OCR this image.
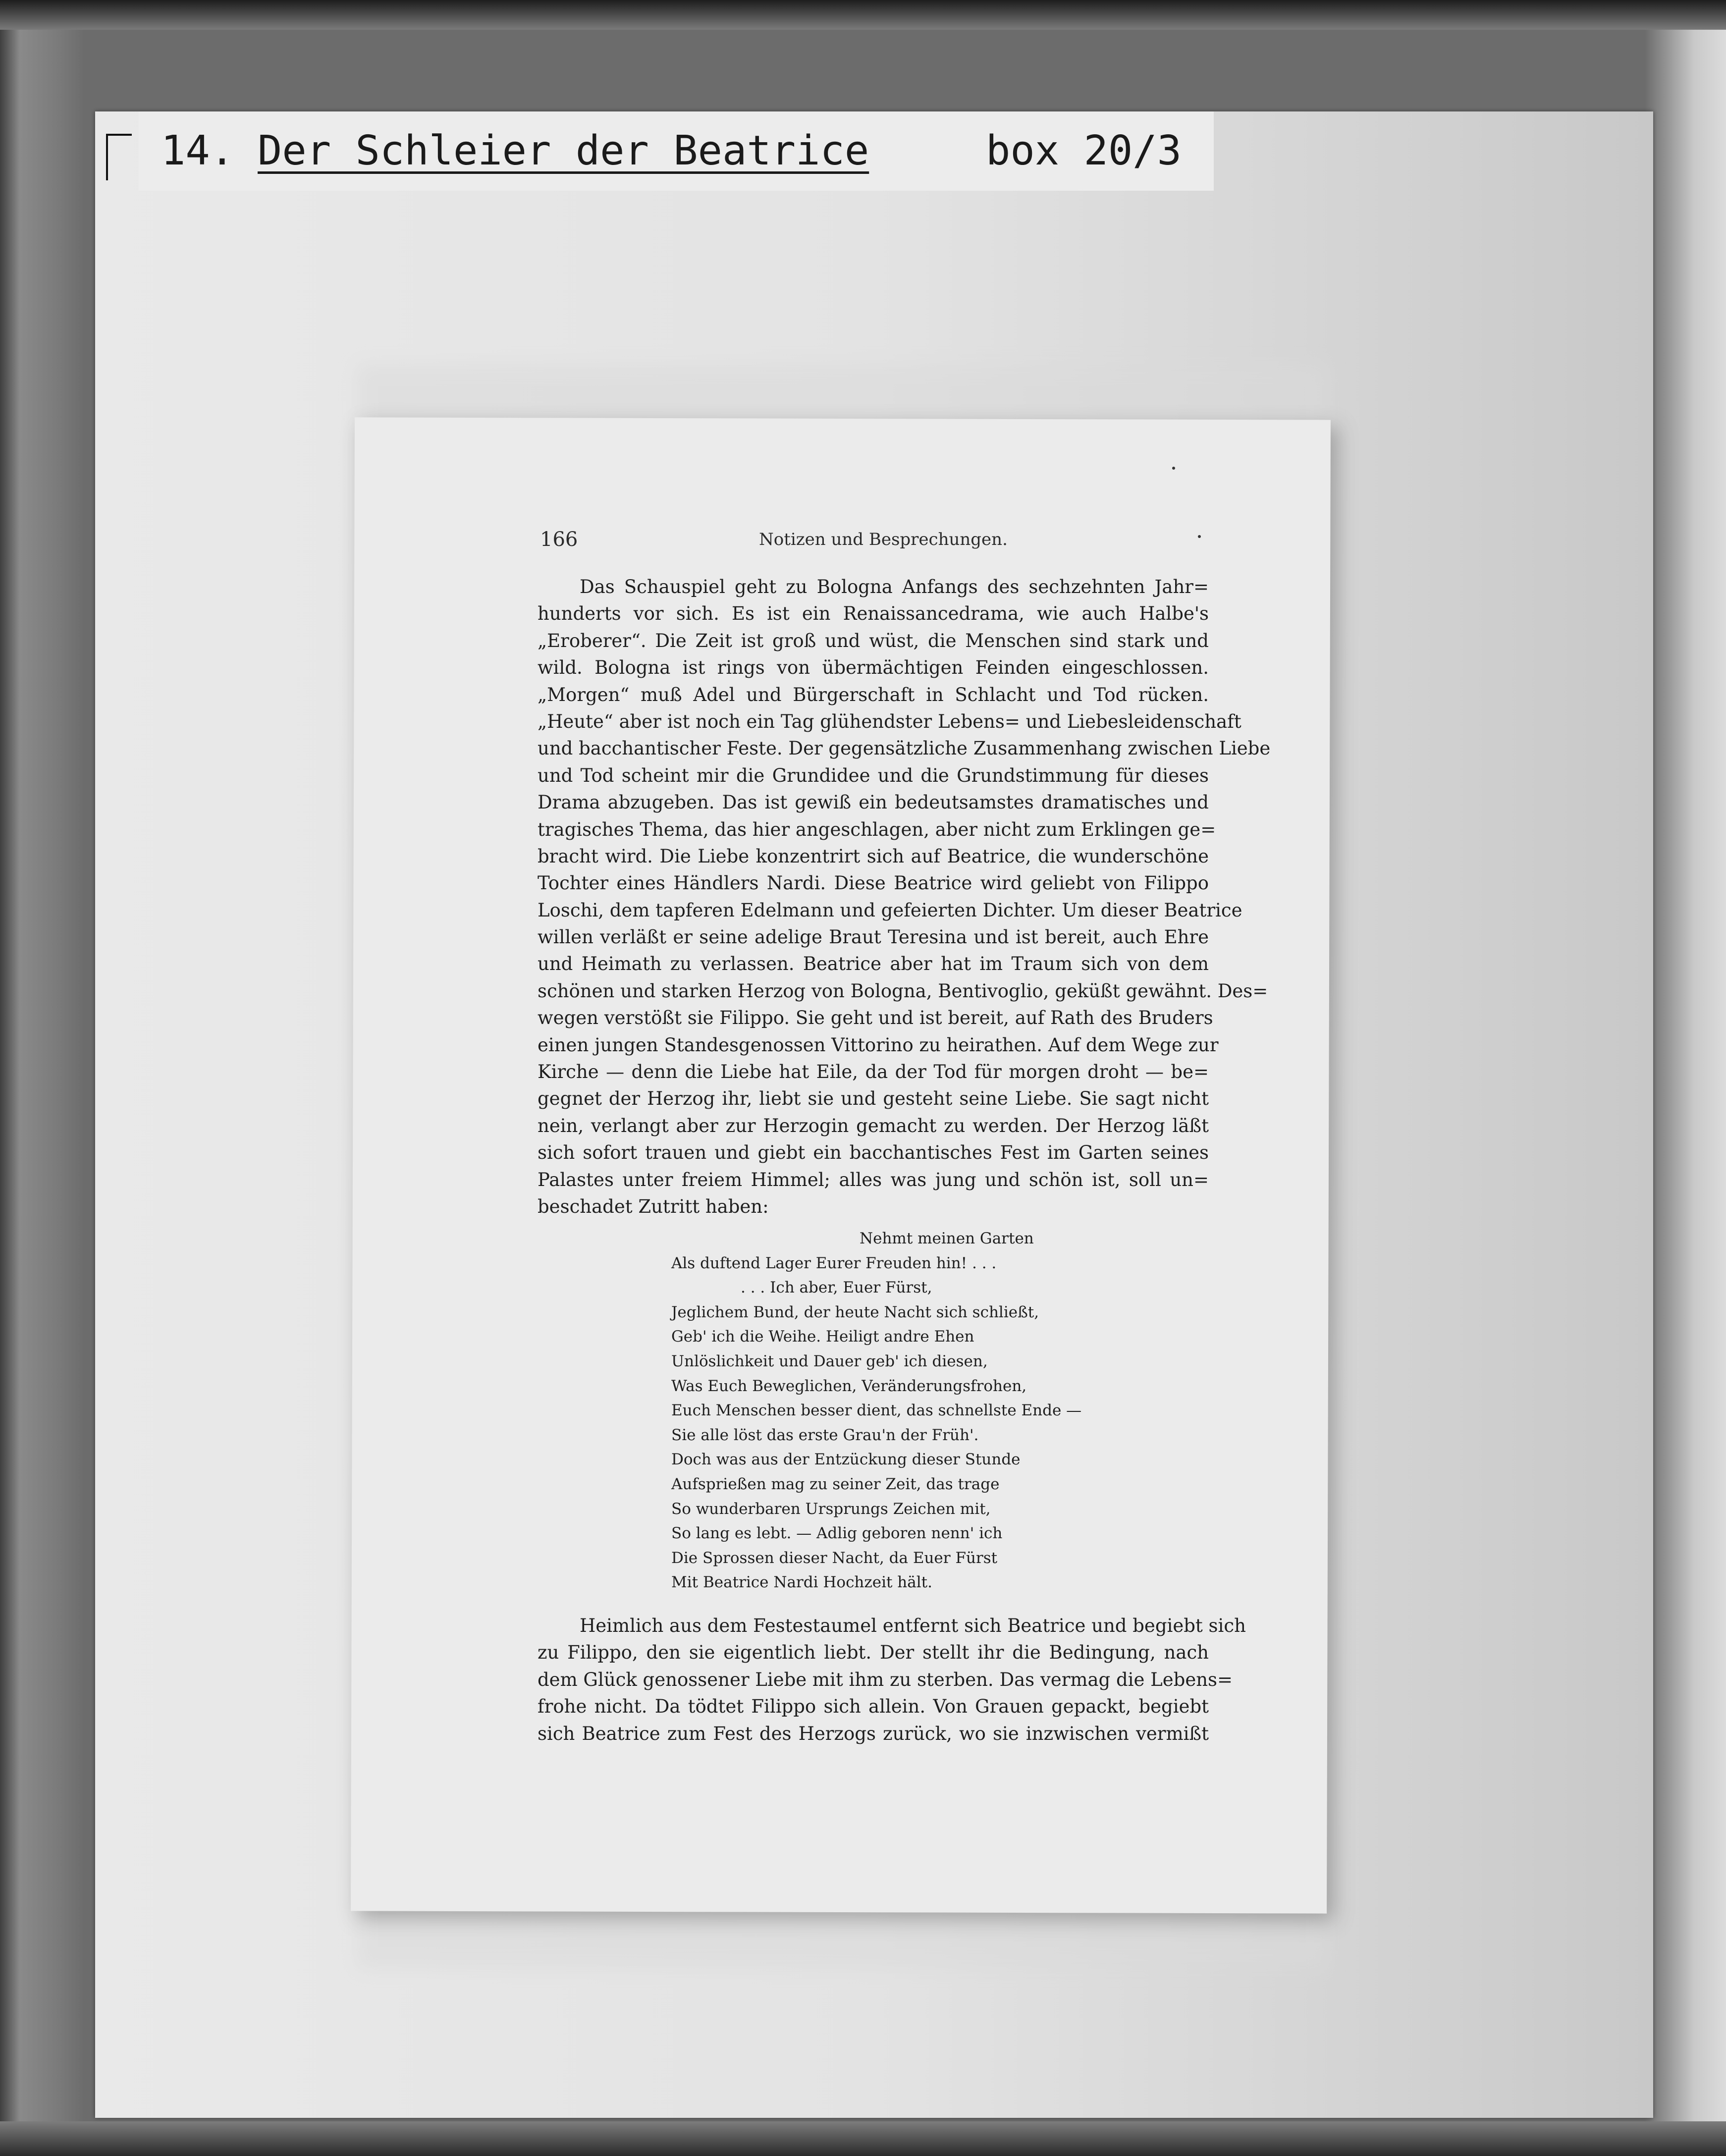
14. Der Schleier der Beatrice	box 20/3
166	Notizen und Besprechungen.
Das Schauspiel geht zu Bologna Anfangs des sechzehnten Jahr=
hunderts vor sich. Es ist ein Renaissancedrama, wie auch Halbe's
„Eroberer“. Die Zeit ist groß und wüst, die Menschen sind stark und
wild. Bologna ist rings von übermächtigen Feinden eingeschlossen.
„Morgen“ muß Adel und Bürgerschaft in Schlacht und Tod rücken.
„Heute“ aber ist noch ein Tag glühendster Lebens= und Liebesleidenschaft
und bacchantischer Feste. Der gegensätzliche Zusammenhang zwischen Liebe
und Tod scheint mir die Grundidee und die Grundstimmung für dieses
Drama abzugeben. Das ist gewiß ein bedeutsamstes dramatisches und
tragisches Thema, das hier angeschlagen, aber nicht zum Erklingen ge=
bracht wird. Die Liebe konzentrirt sich auf Beatrice, die wunderschöne
Tochter eines Händlers Nardi. Diese Beatrice wird geliebt von Filippo
Loschi, dem tapferen Edelmann und gefeierten Dichter. Um dieser Beatrice
willen verläßt er seine adelige Braut Teresina und ist bereit, auch Ehre
und Heimath zu verlassen. Beatrice aber hat im Traum sich von dem
schönen und starken Herzog von Bologna, Bentivoglio, geküßt gewähnt. Des=
wegen verstößt sie Filippo. Sie geht und ist bereit, auf Rath des Bruders
einen jungen Standesgenossen Vittorino zu heirathen. Auf dem Wege zur
Kirche — denn die Liebe hat Eile, da der Tod für morgen droht — be=
gegnet der Herzog ihr, liebt sie und gesteht seine Liebe. Sie sagt nicht
nein, verlangt aber zur Herzogin gemacht zu werden. Der Herzog läßt
sich sofort trauen und giebt ein bacchantisches Fest im Garten seines
Palastes unter freiem Himmel; alles was jung und schön ist, soll un=
beschadet Zutritt haben:
Nehmt meinen Garten
Als duftend Lager Eurer Freuden hin! . . .
. . . Ich aber, Euer Fürst,
Jeglichem Bund, der heute Nacht sich schließt,
Geb' ich die Weihe. Heiligt andre Ehen
Unlöslichkeit und Dauer geb' ich diesen,
Was Euch Beweglichen, Veränderungsfrohen,
Euch Menschen besser dient, das schnellste Ende —
Sie alle löst das erste Grau'n der Früh'.
Doch was aus der Entzückung dieser Stunde
Aufsprießen mag zu seiner Zeit, das trage
So wunderbaren Ursprungs Zeichen mit,
So lang es lebt. — Adlig geboren nenn' ich
Die Sprossen dieser Nacht, da Euer Fürst
Mit Beatrice Nardi Hochzeit hält.
Heimlich aus dem Festestaumel entfernt sich Beatrice und begiebt sich
zu Filippo, den sie eigentlich liebt. Der stellt ihr die Bedingung, nach
dem Glück genossener Liebe mit ihm zu sterben. Das vermag die Lebens=
frohe nicht. Da tödtet Filippo sich allein. Von Grauen gepackt, begiebt
sich Beatrice zum Fest des Herzogs zurück, wo sie inzwischen vermißt
